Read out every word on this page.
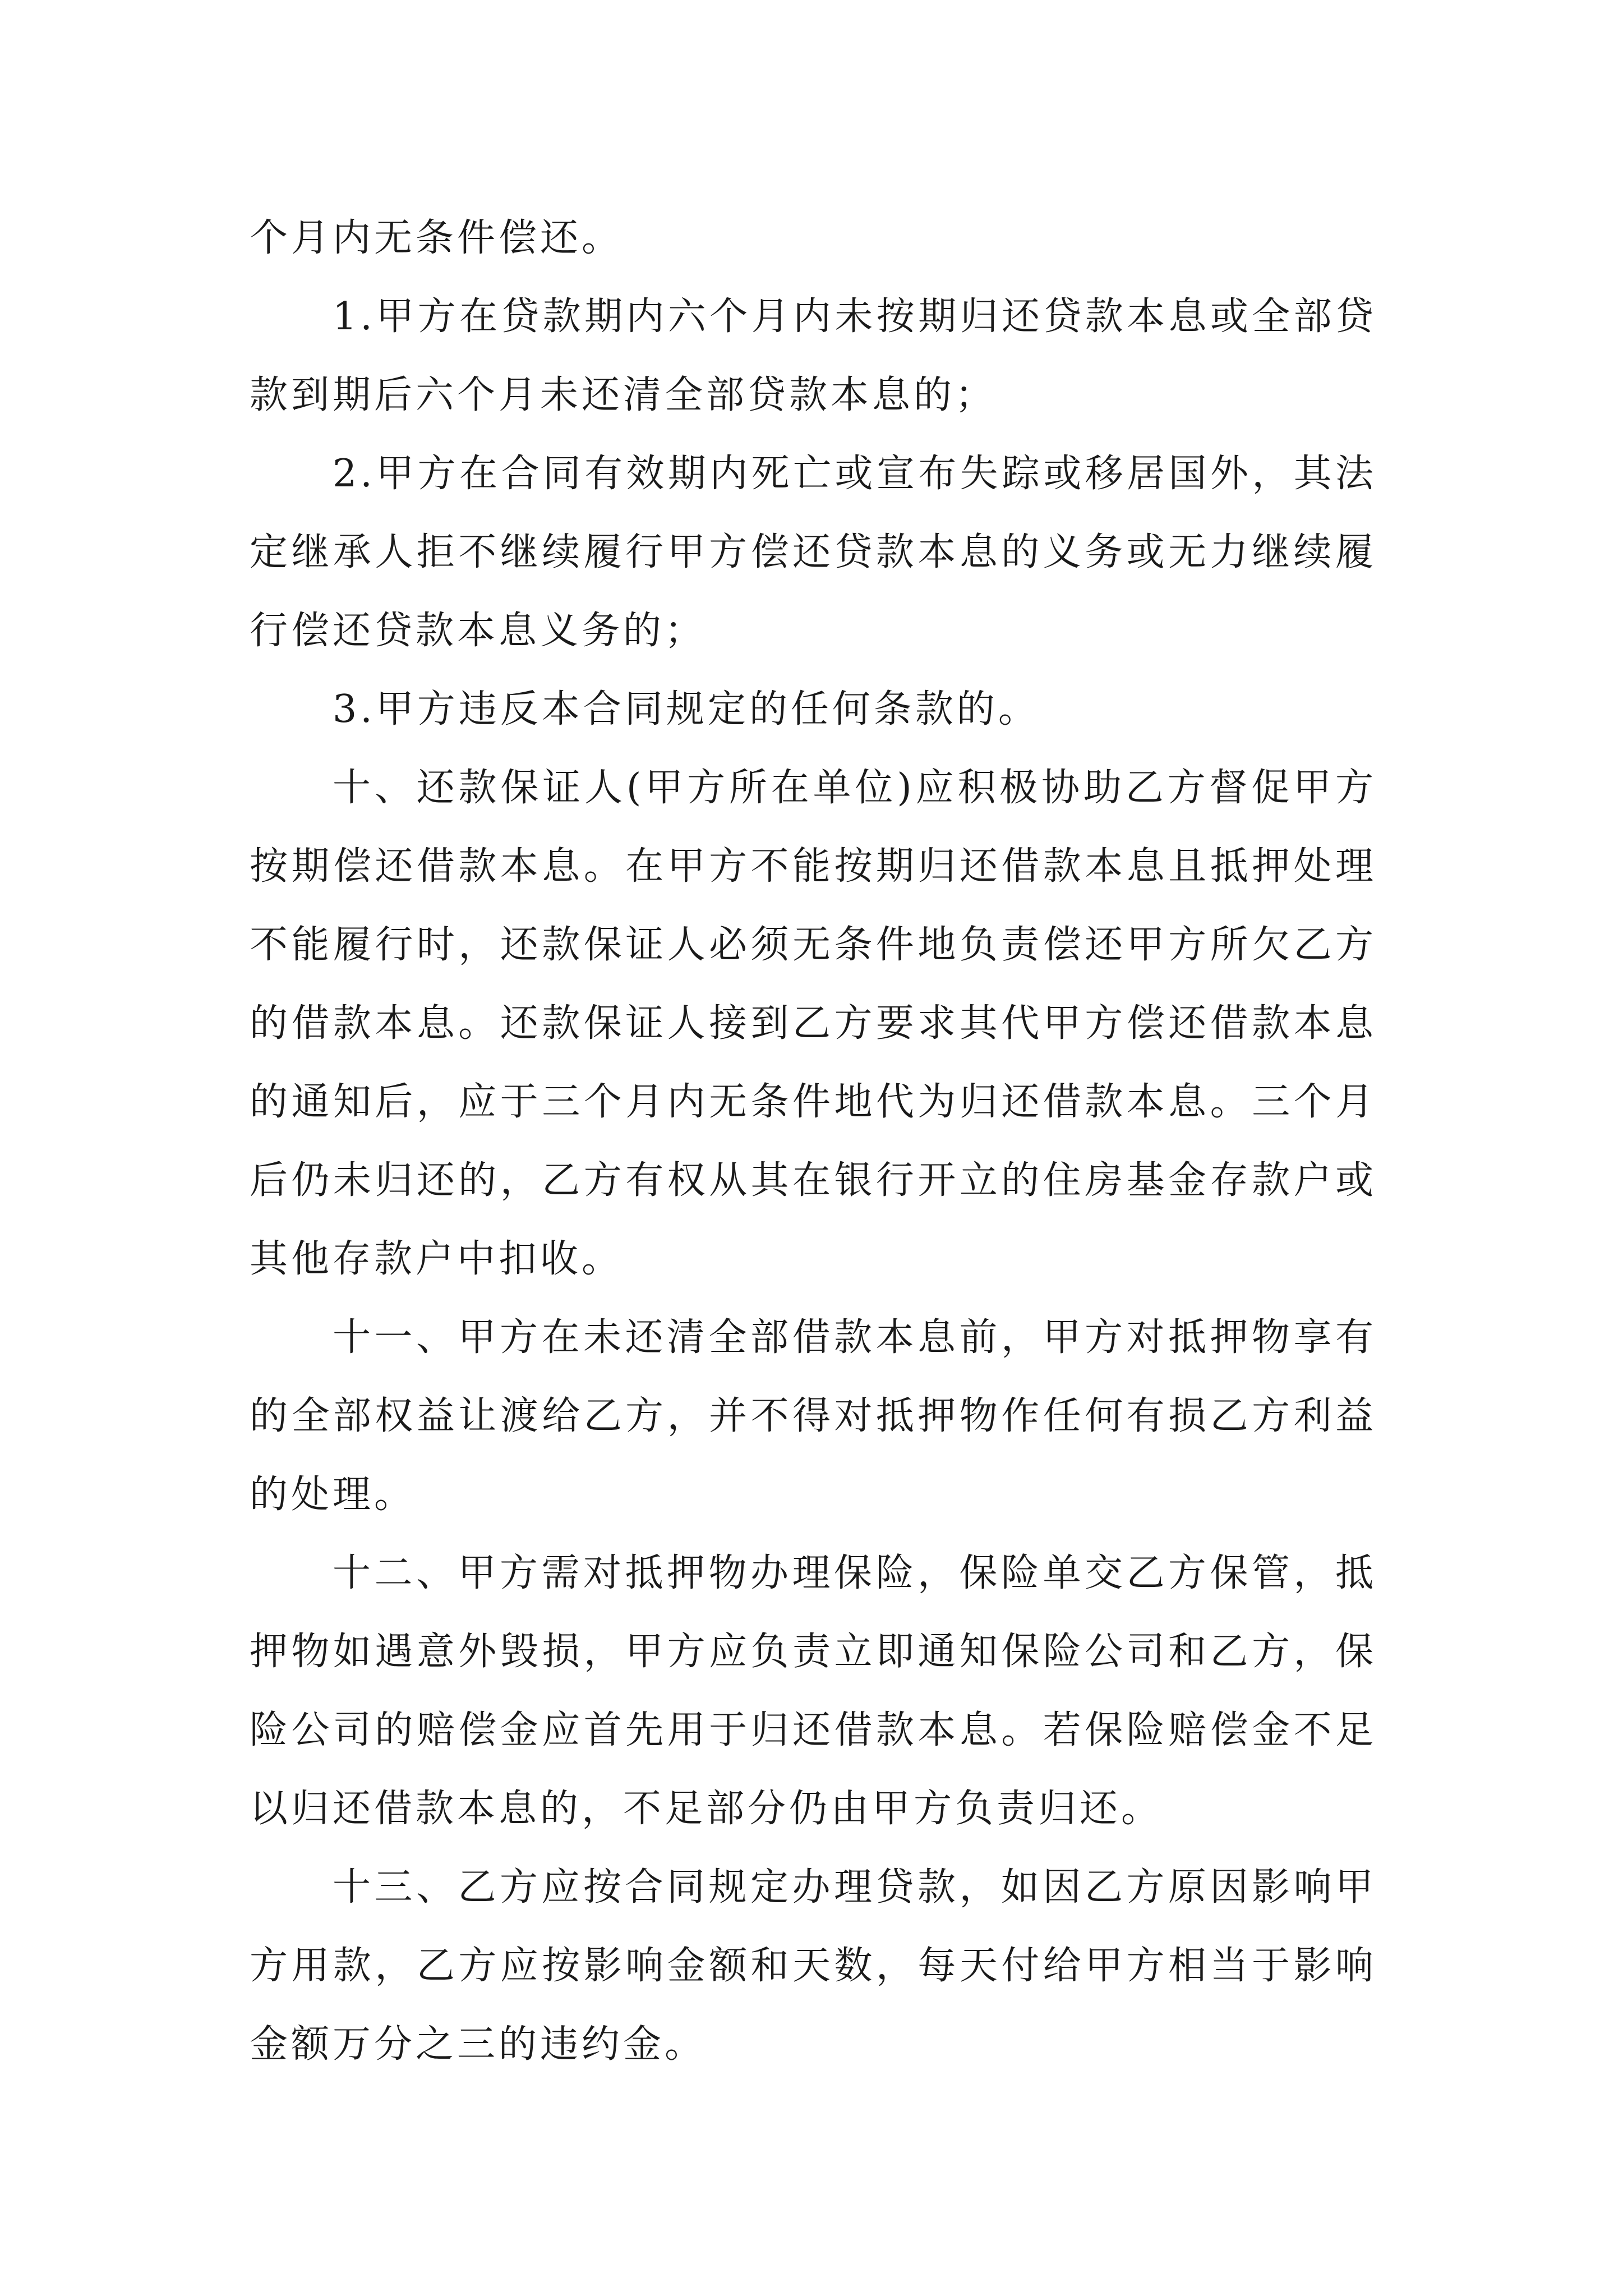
个月内无条件偿还。

1.甲方在贷款期内六个月内未按期归还贷款本息或全部贷款到期后六个月未还清全部贷款本息的；

2.甲方在合同有效期内死亡或宣布失踪或移居国外，其法定继承人拒不继续履行甲方偿还贷款本息的义务或无力继续履行偿还贷款本息义务的；

3.甲方违反本合同规定的任何条款的。

十、还款保证人(甲方所在单位)应积极协助乙方督促甲方按期偿还借款本息。在甲方不能按期归还借款本息且抵押处理不能履行时，还款保证人必须无条件地负责偿还甲方所欠乙方的借款本息。还款保证人接到乙方要求其代甲方偿还借款本息的通知后，应于三个月内无条件地代为归还借款本息。三个月后仍未归还的，乙方有权从其在银行开立的住房基金存款户或其他存款户中扣收。

十一、甲方在未还清全部借款本息前，甲方对抵押物享有的全部权益让渡给乙方，并不得对抵押物作任何有损乙方利益的处理。

十二、甲方需对抵押物办理保险，保险单交乙方保管，抵押物如遇意外毁损，甲方应负责立即通知保险公司和乙方，保险公司的赔偿金应首先用于归还借款本息。若保险赔偿金不足以归还借款本息的，不足部分仍由甲方负责归还。

十三、乙方应按合同规定办理贷款，如因乙方原因影响甲方用款，乙方应按影响金额和天数，每天付给甲方相当于影响金额万分之三的违约金。
